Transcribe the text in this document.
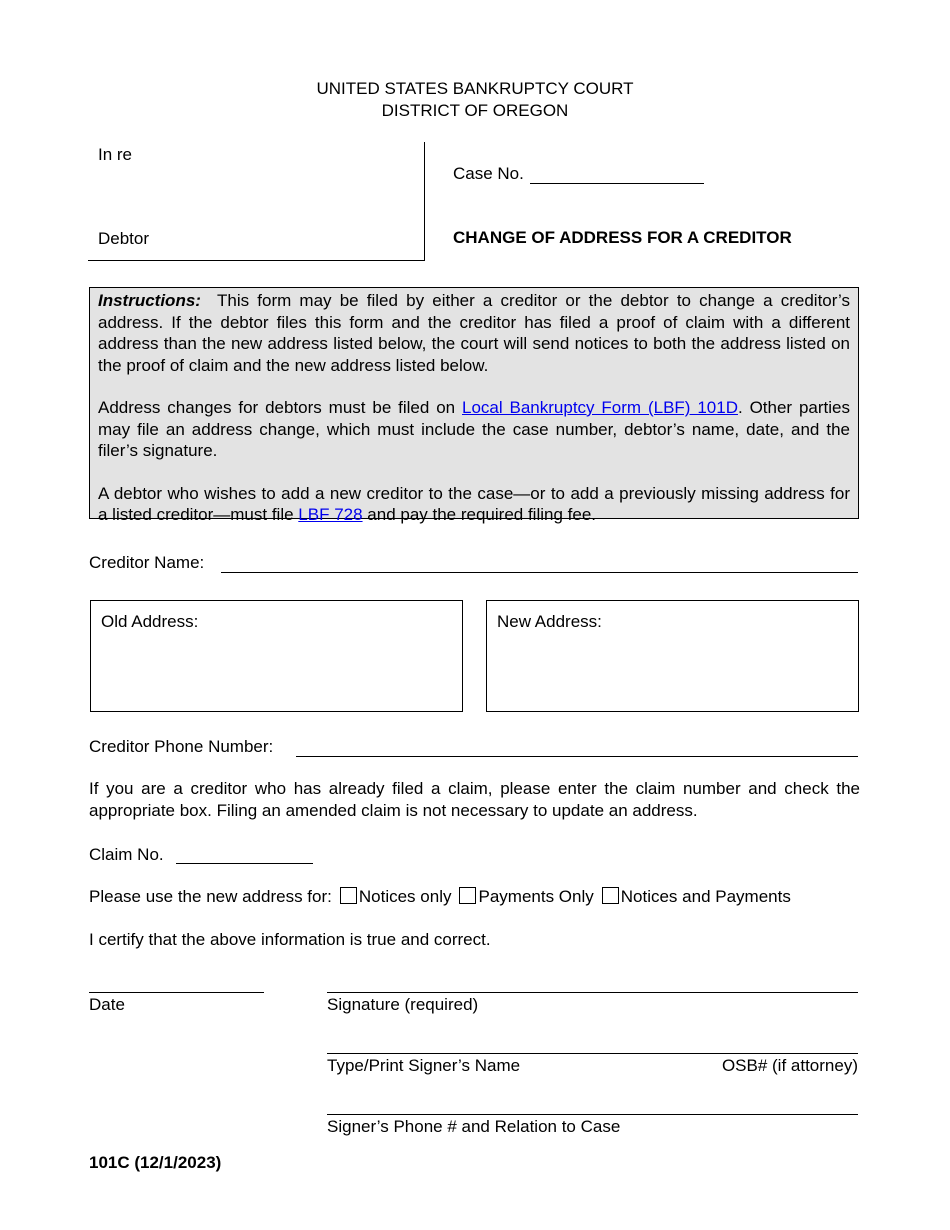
UNITED STATES BANKRUPTCY COURT
DISTRICT OF OREGON
In re
Debtor
Case No.
CHANGE OF ADDRESS FOR A CREDITOR

Instructions: This form may be filed by either a creditor or the debtor to change a creditor’s address. If the debtor files this form and the creditor has filed a proof of claim with a different address than the new address listed below, the court will send notices to both the address listed on the proof of claim and the new address listed below.

Address changes for debtors must be filed on Local Bankruptcy Form (LBF) 101D. Other parties may file an address change, which must include the case number, debtor’s name, date, and the filer’s signature.

A debtor who wishes to add a new creditor to the case—or to add a previously missing address for a listed creditor—must file LBF 728 and pay the required filing fee.

Creditor Name:
Old Address:	New Address:
Creditor Phone Number:
If you are a creditor who has already filed a claim, please enter the claim number and check the appropriate box. Filing an amended claim is not necessary to update an address.
Claim No.
Please use the new address for: Notices only Payments Only Notices and Payments
I certify that the above information is true and correct.
Date	Signature (required)
Type/Print Signer’s Name	OSB# (if attorney)
Signer’s Phone # and Relation to Case
101C (12/1/2023)
